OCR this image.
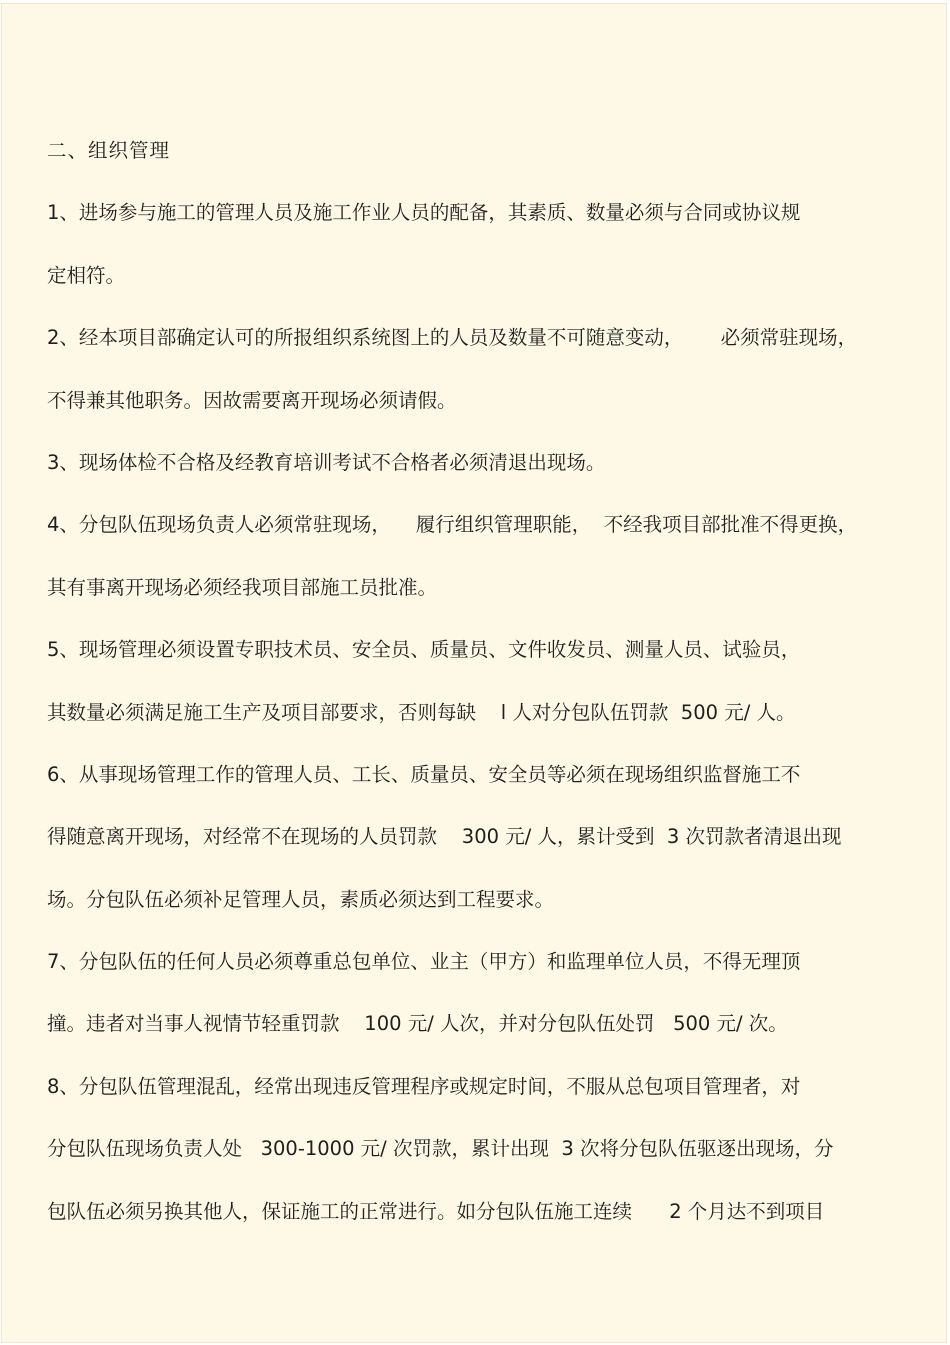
二、组织管理
1、进场参与施工的管理人员及施工作业人员的配备，其素质、数量必须与合同或协议规
定相符。
2、经本项目部确定认可的所报组织系统图上的人员及数量不可随意变动，      必须常驻现场，
不得兼其他职务。因故需要离开现场必须请假。
3、现场体检不合格及经教育培训考试不合格者必须清退出现场。
4、分包队伍现场负责人必须常驻现场，    履行组织管理职能，  不经我项目部批准不得更换，
其有事离开现场必须经我项目部施工员批准。
5、现场管理必须设置专职技术员、安全员、质量员、文件收发员、测量人员、试验员，
其数量必须满足施工生产及项目部要求，否则每缺    l 人对分包队伍罚款  500 元/ 人。
6、从事现场管理工作的管理人员、工长、质量员、安全员等必须在现场组织监督施工不
得随意离开现场，对经常不在现场的人员罚款    300 元/ 人，累计受到  3 次罚款者清退出现
场。分包队伍必须补足管理人员，素质必须达到工程要求。
7、分包队伍的任何人员必须尊重总包单位、业主（甲方）和监理单位人员，不得无理顶
撞。违者对当事人视情节轻重罚款    100 元/ 人次，并对分包队伍处罚   500 元/ 次。
8、分包队伍管理混乱，经常出现违反管理程序或规定时间，不服从总包项目管理者，对
分包队伍现场负责人处   300-1000 元/ 次罚款，累计出现  3 次将分包队伍驱逐出现场，分
包队伍必须另换其他人，保证施工的正常进行。如分包队伍施工连续      2 个月达不到项目
